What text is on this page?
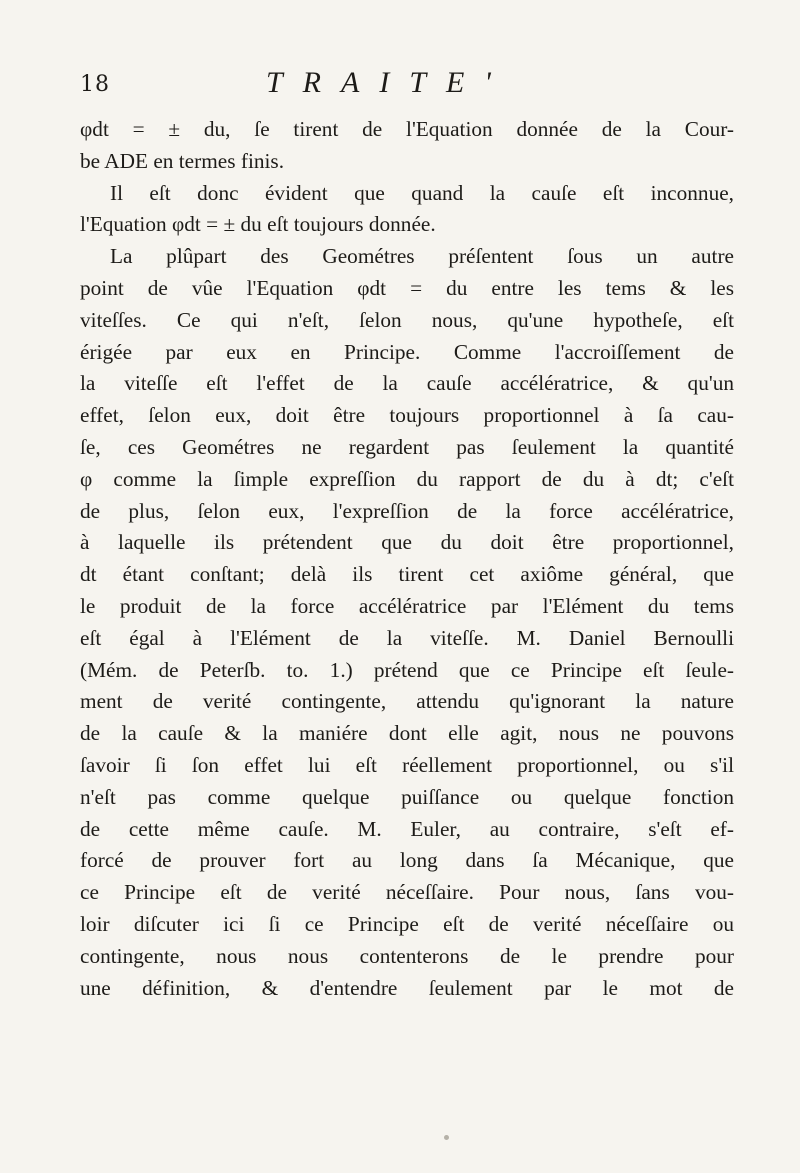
18	TRAITE'
φdt = ± du, ſe tirent de l'Equation donnée de la Cour-
be ADE en termes finis.
Il eſt donc évident que quand la cauſe eſt inconnue,
l'Equation φdt = ± du eſt toujours donnée.
La plûpart des Geométres préſentent ſous un autre
point de vûe l'Equation φdt = du entre les tems & les
viteſſes. Ce qui n'eſt, ſelon nous, qu'une hypotheſe, eſt
érigée par eux en Principe. Comme l'accroiſſement de
la viteſſe eſt l'effet de la cauſe accélératrice, & qu'un
effet, ſelon eux, doit être toujours proportionnel à ſa cau-
ſe, ces Geométres ne regardent pas ſeulement la quantité
φ comme la ſimple expreſſion du rapport de du à dt; c'eſt
de plus, ſelon eux, l'expreſſion de la force accélératrice,
à laquelle ils prétendent que du doit être proportionnel,
dt étant conſtant; delà ils tirent cet axiôme général, que
le produit de la force accélératrice par l'Elément du tems
eſt égal à l'Elément de la viteſſe. M. Daniel Bernoulli
(Mém. de Peterſb. to. 1.) prétend que ce Principe eſt ſeule-
ment de verité contingente, attendu qu'ignorant la nature
de la cauſe & la maniére dont elle agit, nous ne pouvons
ſavoir ſi ſon effet lui eſt réellement proportionnel, ou s'il
n'eſt pas comme quelque puiſſance ou quelque fonction
de cette même cauſe. M. Euler, au contraire, s'eſt ef-
forcé de prouver fort au long dans ſa Mécanique, que
ce Principe eſt de verité néceſſaire. Pour nous, ſans vou-
loir diſcuter ici ſi ce Principe eſt de verité néceſſaire ou
contingente, nous nous contenterons de le prendre pour
une définition, & d'entendre ſeulement par le mot de
